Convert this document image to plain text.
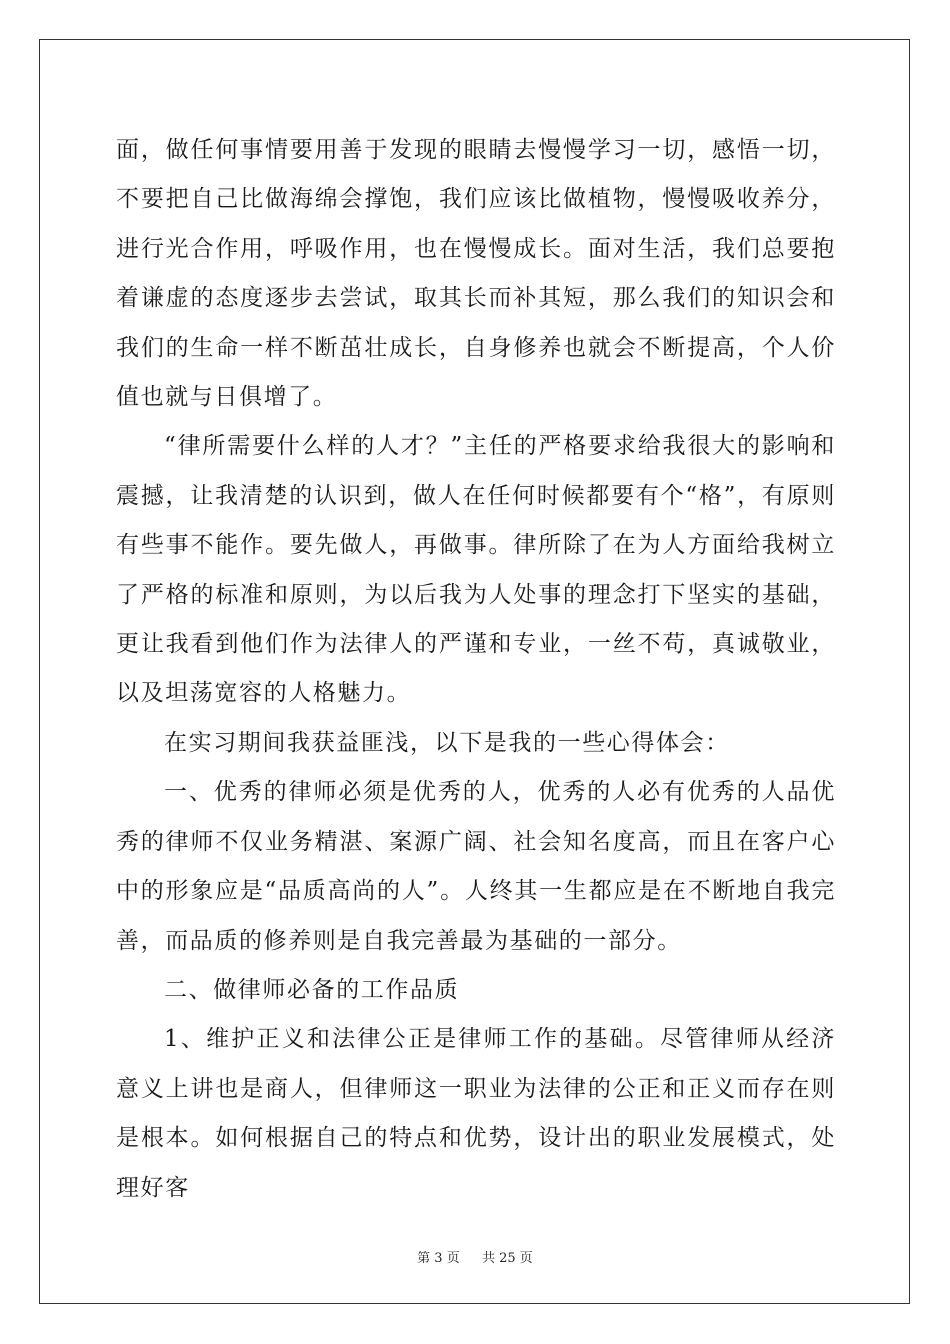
面，做任何事情要用善于发现的眼睛去慢慢学习一切，感悟一切，不要把自己比做海绵会撑饱，我们应该比做植物，慢慢吸收养分，进行光合作用，呼吸作用，也在慢慢成长。面对生活，我们总要抱着谦虚的态度逐步去尝试，取其长而补其短，那么我们的知识会和我们的生命一样不断茁壮成长，自身修养也就会不断提高，个人价值也就与日俱增了。

“律所需要什么样的人才？”主任的严格要求给我很大的影响和震撼，让我清楚的认识到，做人在任何时候都要有个“格”，有原则有些事不能作。要先做人，再做事。律所除了在为人方面给我树立了严格的标准和原则，为以后我为人处事的理念打下坚实的基础，更让我看到他们作为法律人的严谨和专业，一丝不苟，真诚敬业，以及坦荡宽容的人格魅力。

在实习期间我获益匪浅，以下是我的一些心得体会：

一、优秀的律师必须是优秀的人，优秀的人必有优秀的人品优秀的律师不仅业务精湛、案源广阔、社会知名度高，而且在客户心中的形象应是“品质高尚的人”。人终其一生都应是在不断地自我完善，而品质的修养则是自我完善最为基础的一部分。

二、做律师必备的工作品质

1、维护正义和法律公正是律师工作的基础。尽管律师从经济意义上讲也是商人，但律师这一职业为法律的公正和正义而存在则是根本。如何根据自己的特点和优势，设计出的职业发展模式，处理好客

第 3 页 共 25 页
